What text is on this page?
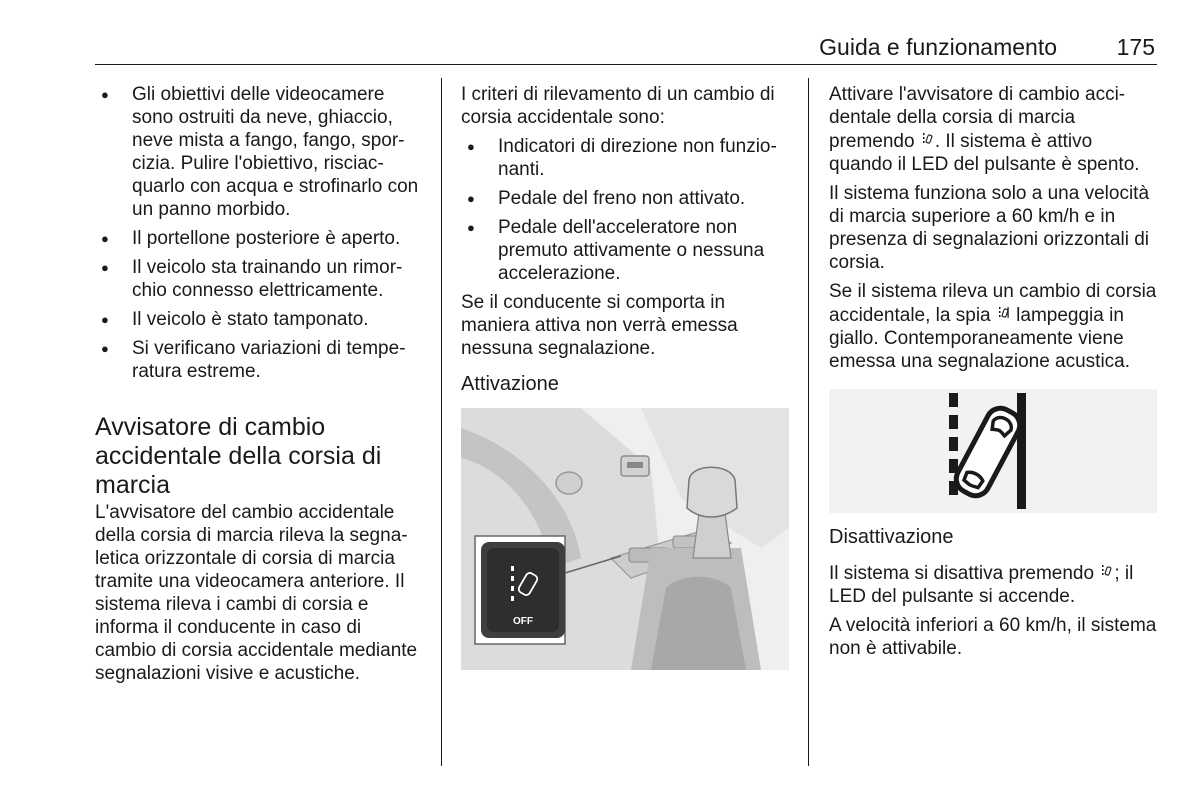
Guida e funzionamento	175
● Gli obiettivi delle videocamere sono ostruiti da neve, ghiaccio, neve mista a fango, fango, sporcizia. Pulire l'obiettivo, risciacquarlo con acqua e strofinarlo con un panno morbido.
● Il portellone posteriore è aperto.
● Il veicolo sta trainando un rimorchio connesso elettricamente.
● Il veicolo è stato tamponato.
● Si verificano variazioni di temperatura estreme.
Avvisatore di cambio accidentale della corsia di marcia

L'avvisatore del cambio accidentale della corsia di marcia rileva la segnaletica orizzontale di corsia di marcia tramite una videocamera anteriore. Il sistema rileva i cambi di corsia e informa il conducente in caso di cambio di corsia accidentale mediante segnalazioni visive e acustiche.

I criteri di rilevamento di un cambio di corsia accidentale sono:

● Indicatori di direzione non funzionanti.
● Pedale del freno non attivato.
● Pedale dell'acceleratore non premuto attivamente o nessuna accelerazione.

Se il conducente si comporta in maniera attiva non verrà emessa nessuna segnalazione.

Attivazione
OFF

Attivare l'avvisatore di cambio accidentale della corsia di marcia premendo . Il sistema è attivo quando il LED del pulsante è spento.

Il sistema funziona solo a una velocità di marcia superiore a 60 km/h e in presenza di segnalazioni orizzontali di corsia.

Se il sistema rileva un cambio di corsia accidentale, la spia lampeggia in giallo. Contemporaneamente viene emessa una segnalazione acustica.

Disattivazione

Il sistema si disattiva premendo ; il LED del pulsante si accende.

A velocità inferiori a 60 km/h, il sistema non è attivabile.
